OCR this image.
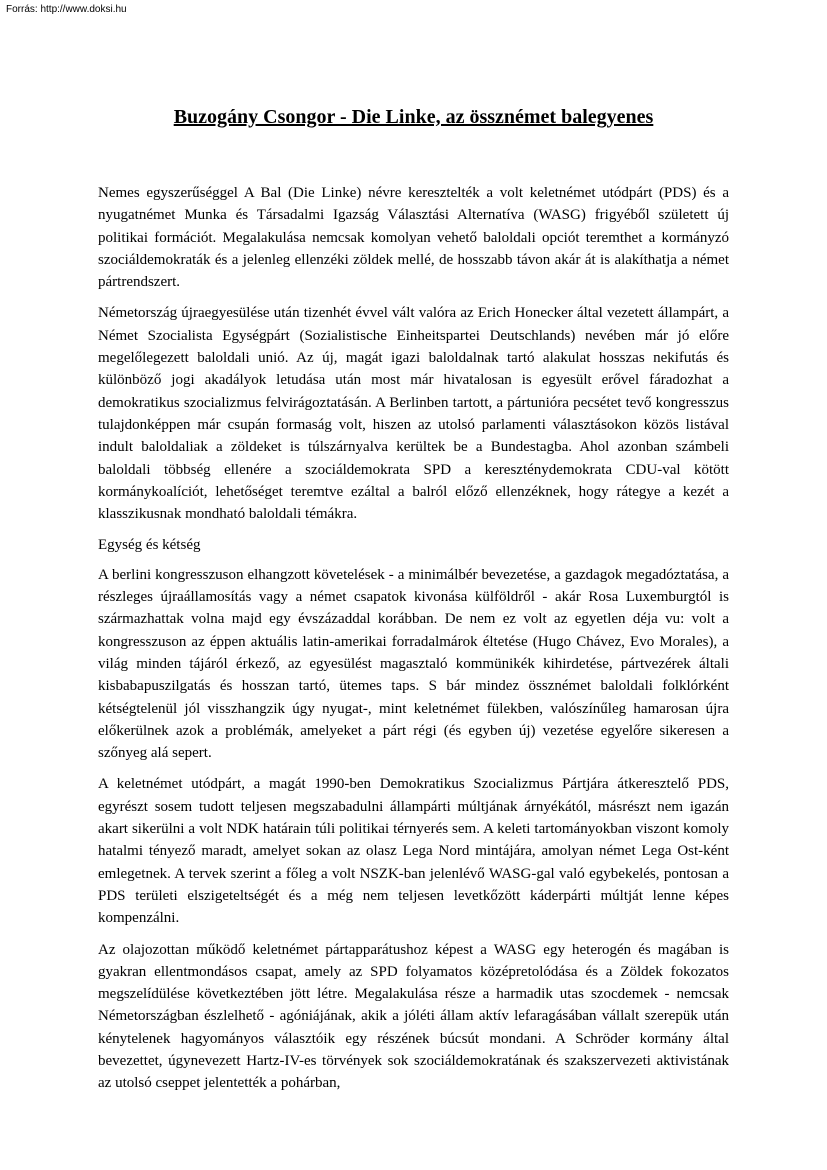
Forrás: http://www.doksi.hu
Buzogány Csongor - Die Linke, az össznémet balegyenes

Nemes egyszerűséggel A Bal (Die Linke) névre keresztelték a volt keletnémet utódpárt (PDS) és a nyugatnémet Munka és Társadalmi Igazság Választási Alternatíva (WASG) frigyéből született új politikai formációt. Megalakulása nemcsak komolyan vehető baloldali opciót teremthet a kormányzó szociáldemokraták és a jelenleg ellenzéki zöldek mellé, de hosszabb távon akár át is alakíthatja a német pártrendszert.

Németország újraegyesülése után tizenhét évvel vált valóra az Erich Honecker által vezetett állampárt, a Német Szocialista Egységpárt (Sozialistische Einheitspartei Deutschlands) nevében már jó előre megelőlegezett baloldali unió. Az új, magát igazi baloldalnak tartó alakulat hosszas nekifutás és különböző jogi akadályok letudása után most már hivatalosan is egyesült erővel fáradozhat a demokratikus szocializmus felvirágoztatásán. A Berlinben tartott, a pártunióra pecsétet tevő kongresszus tulajdonképpen már csupán formaság volt, hiszen az utolsó parlamenti választásokon közös listával indult baloldaliak a zöldeket is túlszárnyalva kerültek be a Bundestagba. Ahol azonban számbeli baloldali többség ellenére a szociáldemokrata SPD a kereszténydemokrata CDU-val kötött kormánykoalíciót, lehetőséget teremtve ezáltal a balról előző ellenzéknek, hogy rátegye a kezét a klasszikusnak mondható baloldali témákra.

Egység és kétség

A berlini kongresszuson elhangzott követelések - a minimálbér bevezetése, a gazdagok megadóztatása, a részleges újraállamosítás vagy a német csapatok kivonása külföldről - akár Rosa Luxemburgtól is származhattak volna majd egy évszázaddal korábban. De nem ez volt az egyetlen déja vu: volt a kongresszuson az éppen aktuális latin-amerikai forradalmárok éltetése (Hugo Chávez, Evo Morales), a világ minden tájáról érkező, az egyesülést magasztaló kommünikék kihirdetése, pártvezérek általi kisbabapuszilgatás és hosszan tartó, ütemes taps. S bár mindez össznémet baloldali folklórként kétségtelenül jól visszhangzik úgy nyugat-, mint keletnémet fülekben, valószínűleg hamarosan újra előkerülnek azok a problémák, amelyeket a párt régi (és egyben új) vezetése egyelőre sikeresen a szőnyeg alá sepert.

A keletnémet utódpárt, a magát 1990-ben Demokratikus Szocializmus Pártjára átkeresztelő PDS, egyrészt sosem tudott teljesen megszabadulni állampárti múltjának árnyékától, másrészt nem igazán akart sikerülni a volt NDK határain túli politikai térnyerés sem. A keleti tartományokban viszont komoly hatalmi tényező maradt, amelyet sokan az olasz Lega Nord mintájára, amolyan német Lega Ost-ként emlegetnek. A tervek szerint a főleg a volt NSZK-ban jelenlévő WASG-gal való egybekelés, pontosan a PDS területi elszigeteltségét és a még nem teljesen levetkőzött káderpárti múltját lenne képes kompenzálni.

Az olajozottan működő keletnémet pártapparátushoz képest a WASG egy heterogén és magában is gyakran ellentmondásos csapat, amely az SPD folyamatos középretolódása és a Zöldek fokozatos megszelídülése következtében jött létre. Megalakulása része a harmadik utas szocdemek - nemcsak Németországban észlelhető - agóniájának, akik a jóléti állam aktív lefaragásában vállalt szerepük után kénytelenek hagyományos választóik egy részének búcsút mondani. A Schröder kormány által bevezettet, úgynevezett Hartz-IV-es törvények sok szociáldemokratának és szakszervezeti aktivistának az utolsó cseppet jelentették a pohárban,
